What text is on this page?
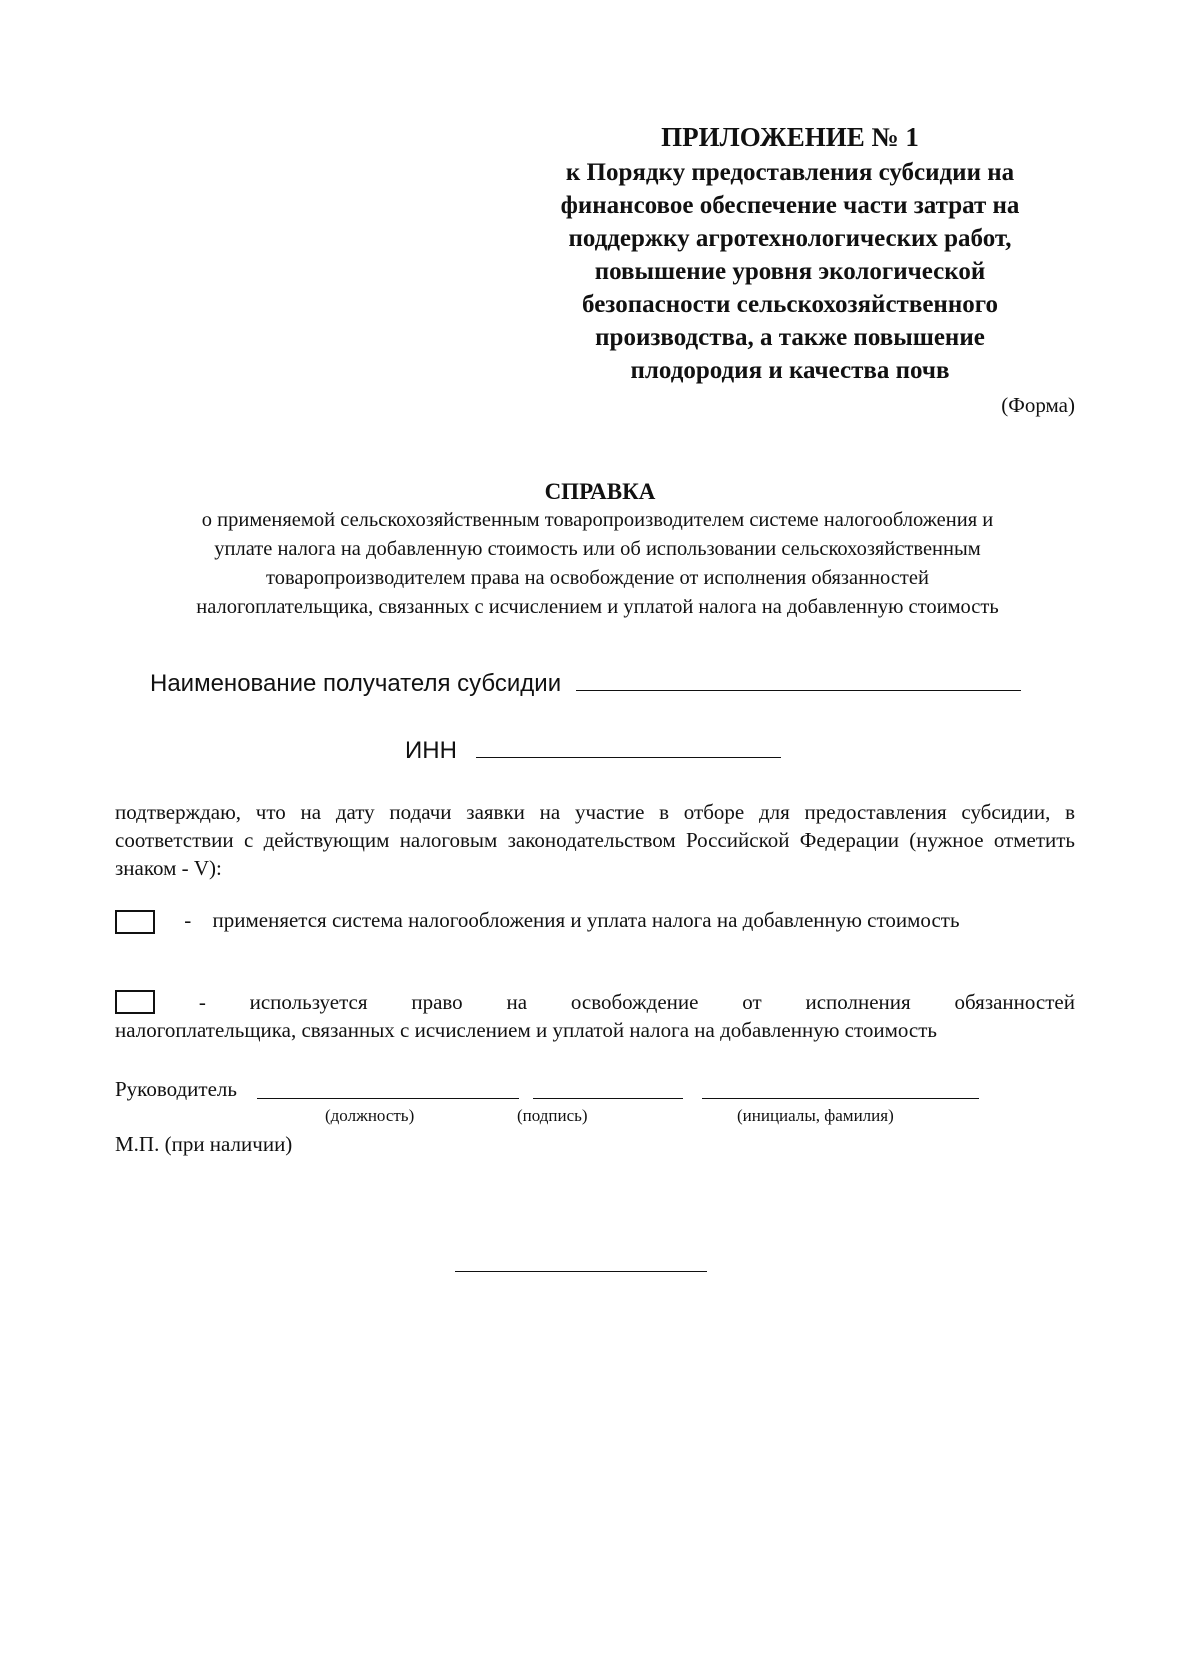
ПРИЛОЖЕНИЕ № 1
к Порядку предоставления субсидии на
финансовое обеспечение части затрат на
поддержку агротехнологических работ,
повышение уровня экологической
безопасности сельскохозяйственного
производства, а также повышение
плодородия и качества почв
(Форма)
СПРАВКА
о применяемой сельскохозяйственным товаропроизводителем системе налогообложения и
уплате налога на добавленную стоимость или об использовании сельскохозяйственным
товаропроизводителем права на освобождение от исполнения обязанностей
налогоплательщика, связанных с исчислением и уплатой налога на добавленную стоимость
Наименование получателя субсидии
ИНН
подтверждаю, что на дату подачи заявки на участие в отборе для предоставления субсидии, в соответствии с действующим налоговым законодательством Российской Федерации (нужное отметить знаком - V):
- применяется система налогообложения и уплата налога на добавленную стоимость
- используется право на освобождение от исполнения обязанностей
налогоплательщика, связанных с исчислением и уплатой налога на добавленную стоимость
Руководитель
(должность)	(подпись)	(инициалы, фамилия)
М.П. (при наличии)
